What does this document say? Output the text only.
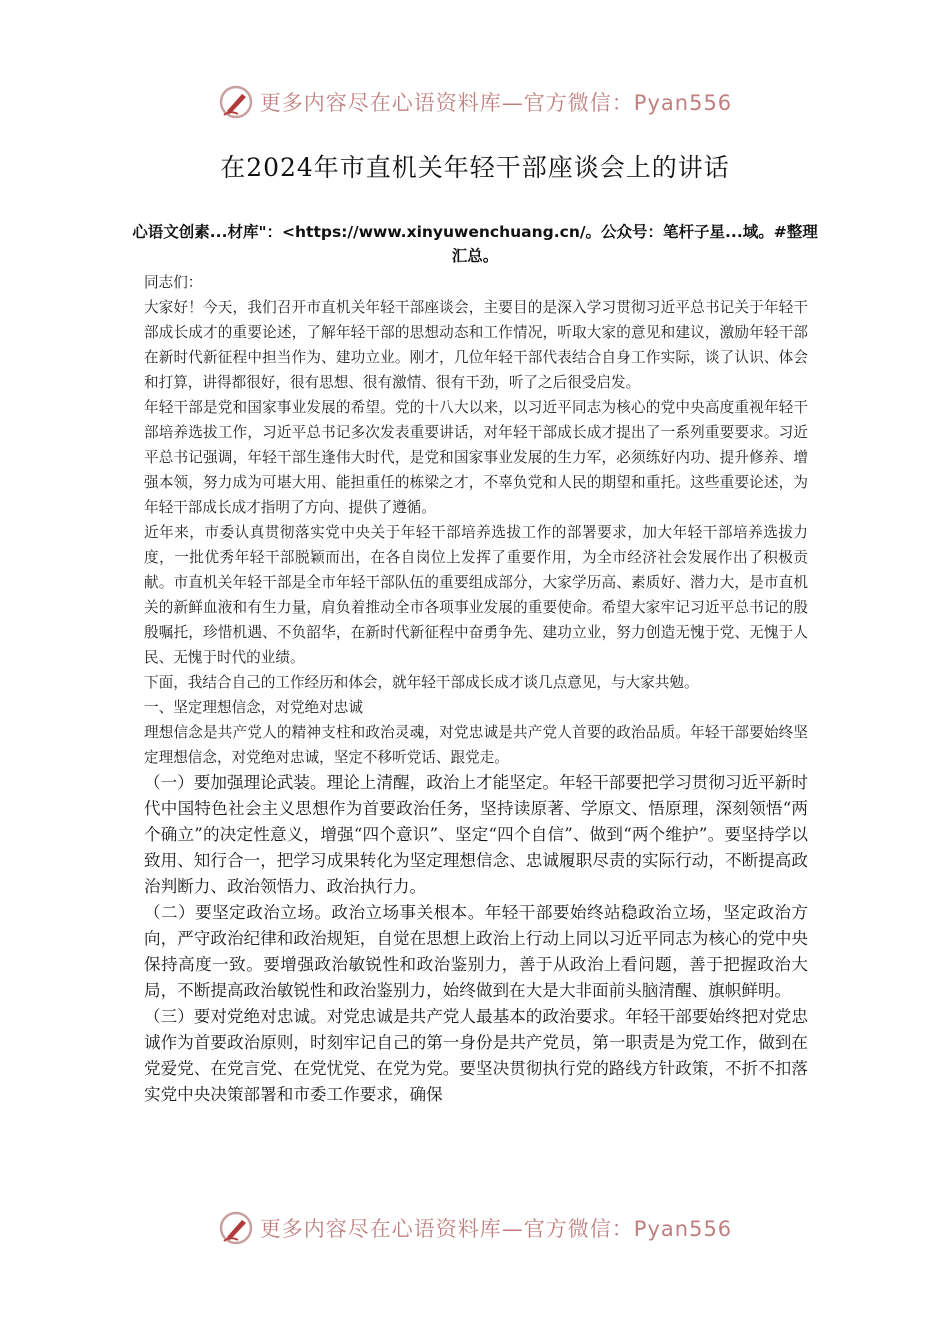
更多内容尽在心语资料库—官方微信：Pyan556
在2024年市直机关年轻干部座谈会上的讲话
心语文创素...材库"：<https://www.xinyuwenchuang.cn/。公众号：笔杆子星...域。#整理汇总。

同志们：

大家好！今天，我们召开市直机关年轻干部座谈会，主要目的是深入学习贯彻习近平总书记关于年轻干部成长成才的重要论述，了解年轻干部的思想动态和工作情况，听取大家的意见和建议，激励年轻干部在新时代新征程中担当作为、建功立业。刚才，几位年轻干部代表结合自身工作实际，谈了认识、体会和打算，讲得都很好，很有思想、很有激情、很有干劲，听了之后很受启发。

年轻干部是党和国家事业发展的希望。党的十八大以来，以习近平同志为核心的党中央高度重视年轻干部培养选拔工作，习近平总书记多次发表重要讲话，对年轻干部成长成才提出了一系列重要要求。习近平总书记强调，年轻干部生逢伟大时代，是党和国家事业发展的生力军，必须练好内功、提升修养、增强本领，努力成为可堪大用、能担重任的栋梁之才，不辜负党和人民的期望和重托。这些重要论述，为年轻干部成长成才指明了方向、提供了遵循。

近年来，市委认真贯彻落实党中央关于年轻干部培养选拔工作的部署要求，加大年轻干部培养选拔力度，一批优秀年轻干部脱颖而出，在各自岗位上发挥了重要作用，为全市经济社会发展作出了积极贡献。市直机关年轻干部是全市年轻干部队伍的重要组成部分，大家学历高、素质好、潜力大，是市直机关的新鲜血液和有生力量，肩负着推动全市各项事业发展的重要使命。希望大家牢记习近平总书记的殷殷嘱托，珍惜机遇、不负韶华，在新时代新征程中奋勇争先、建功立业，努力创造无愧于党、无愧于人民、无愧于时代的业绩。

下面，我结合自己的工作经历和体会，就年轻干部成长成才谈几点意见，与大家共勉。

一、坚定理想信念，对党绝对忠诚

理想信念是共产党人的精神支柱和政治灵魂，对党忠诚是共产党人首要的政治品质。年轻干部要始终坚定理想信念，对党绝对忠诚，坚定不移听党话、跟党走。

（一）要加强理论武装。理论上清醒，政治上才能坚定。年轻干部要把学习贯彻习近平新时代中国特色社会主义思想作为首要政治任务，坚持读原著、学原文、悟原理，深刻领悟“两个确立”的决定性意义，增强“四个意识”、坚定“四个自信”、做到“两个维护”。要坚持学以致用、知行合一，把学习成果转化为坚定理想信念、忠诚履职尽责的实际行动，不断提高政治判断力、政治领悟力、政治执行力。

（二）要坚定政治立场。政治立场事关根本。年轻干部要始终站稳政治立场，坚定政治方向，严守政治纪律和政治规矩，自觉在思想上政治上行动上同以习近平同志为核心的党中央保持高度一致。要增强政治敏锐性和政治鉴别力，善于从政治上看问题，善于把握政治大局，不断提高政治敏锐性和政治鉴别力，始终做到在大是大非面前头脑清醒、旗帜鲜明。

（三）要对党绝对忠诚。对党忠诚是共产党人最基本的政治要求。年轻干部要始终把对党忠诚作为首要政治原则，时刻牢记自己的第一身份是共产党员，第一职责是为党工作，做到在党爱党、在党言党、在党忧党、在党为党。要坚决贯彻执行党的路线方针政策，不折不扣落实党中央决策部署和市委工作要求，确保

更多内容尽在心语资料库—官方微信：Pyan556
